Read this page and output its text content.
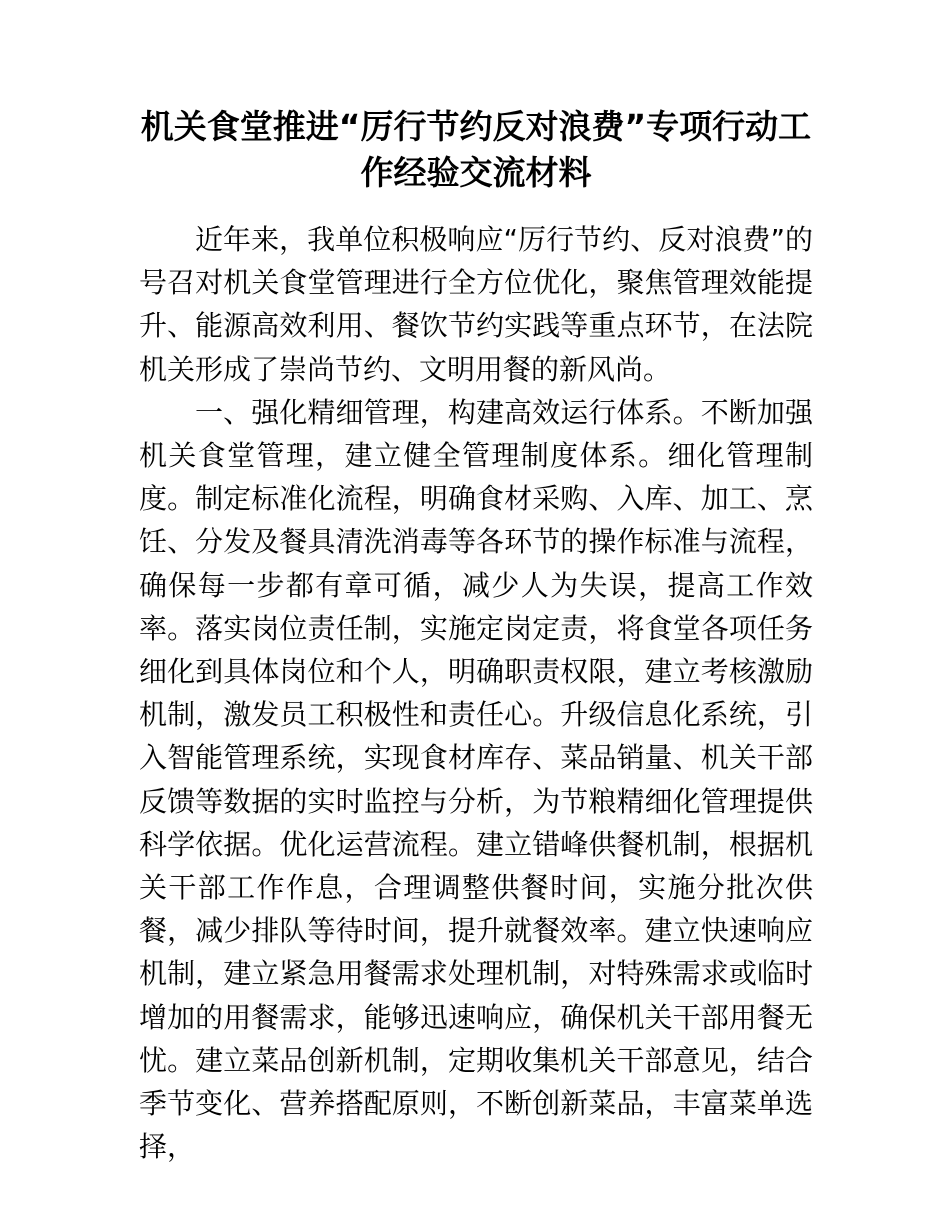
机关食堂推进“厉行节约反对浪费”专项行动工作经验交流材料

近年来，我单位积极响应“厉行节约、反对浪费”的号召对机关食堂管理进行全方位优化，聚焦管理效能提升、能源高效利用、餐饮节约实践等重点环节，在法院机关形成了崇尚节约、文明用餐的新风尚。

一、强化精细管理，构建高效运行体系。不断加强机关食堂管理，建立健全管理制度体系。细化管理制度。制定标准化流程，明确食材采购、入库、加工、烹饪、分发及餐具清洗消毒等各环节的操作标准与流程，确保每一步都有章可循，减少人为失误，提高工作效率。落实岗位责任制，实施定岗定责，将食堂各项任务细化到具体岗位和个人，明确职责权限，建立考核激励机制，激发员工积极性和责任心。升级信息化系统，引入智能管理系统，实现食材库存、菜品销量、机关干部反馈等数据的实时监控与分析，为节粮精细化管理提供科学依据。优化运营流程。建立错峰供餐机制，根据机关干部工作作息，合理调整供餐时间，实施分批次供餐，减少排队等待时间，提升就餐效率。建立快速响应机制，建立紧急用餐需求处理机制，对特殊需求或临时增加的用餐需求，能够迅速响应，确保机关干部用餐无忧。建立菜品创新机制，定期收集机关干部意见，结合季节变化、营养搭配原则，不断创新菜品，丰富菜单选择，
